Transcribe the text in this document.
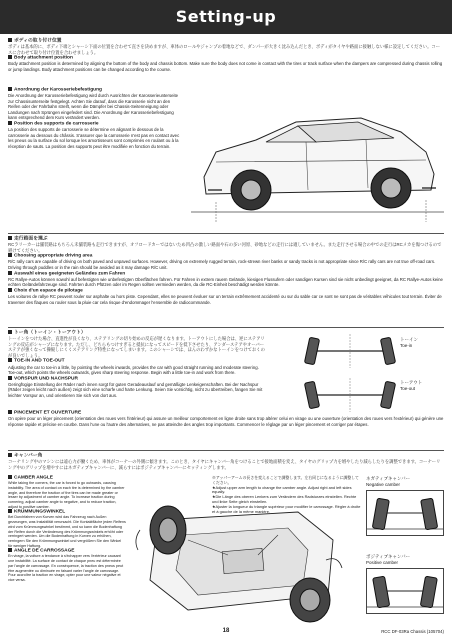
Setting-up

ボディの取り付け位置

ボディは基本的に、ボディ下端とシャーシ下面の位置を合わせて直さを決めますが、車体のロールやジャンプの着地などで、ダンパーが大きく沈み込んだとき、ボディがタイヤや路面に接触しない様に設定してください。コースに合わせて取り付け位置を合わせましょう。

Body attachment position

Body attachment position is determined by aligning the bottom of the body and chassis bottom. Make sure the body does not come in contact with the tires or track surface when the dampers are compressed during chassis rolling or jump landings. Body attachment positions can be changed according to the course.

Anordnung der Karosseriebefestigung

Die Anordnung der Karosseriebefestigung wird durch Ausrichten der Karosserieunterseite zur Chassisunterseite festgelegt. Achten Sie darauf, dass die Karosserie nicht an den Reifen oder der Fahrbahn streift, wenn die Dämpfer bei Chassis-Seitenneigung oder Landungen nach Sprüngen eingefedert sind. Die Anordnung der Karosseriebefestigung kann entsprechend dem Kurs verändert werden.

Position des supports de carrosserie

La position des supports de carrosserie se détermine en alignant le dessous de la carrosserie au dessous du châssis. S'assurer que la carrosserie n'est pas en contact avec les pneus ou la surface du sol lorsque les amortisseurs sont comprimés en roulant ou à la réception de sauts. La position des supports peut être modifiée en fonction du terrain.

走行路面を選ぶ

RCラリーカーは舗装路はもちろん未舗装路も走行できますが、オフロードカーではないため凹凸の激しい路面や石の多い河原、砂地などの走行には適していません。また走行させる場合の中での走行はRCメカを傷つけるので避けてください。

Choosing appropriate driving area

R/C rally cars are capable of driving on both paved and unpaved surfaces. However, driving on extremely rugged terrain, rock-strewn river banks or sandy tracks is not appropriate since R/C rally cars are not true off-road cars. Driving through puddles or in the rain should be avoided as it may damage R/C unit.

Auswahl eines geeigneten Geländes zum Fahren

RC Rallye-Autos können sowohl auf befestigten wie unbefestigten Oberflächen fahren. Für Fahren in extrem rauem Gelände, kiesigen Flussufern oder sandigen Kursen sind sie nicht unbedingt geeignet, da RC Rallye-Autos keine echten Geländefahrzeuge sind. Fahrten durch Pfützen oder im Regen sollten vermieden werden, da die RC-Einheit beschädigt werden könnte.

Choix d'un espace de pilotage

Les voitures de rallye RC peuvent rouler sur asphalte ou hors piste. Cependant, elles ne peuvent évoluer sur un terrain extrêmement accidenté ou sur du sable car ce sont ne sont pas de véritables véhicules tout terrain. Éviter de traverser des flaques ou rouler sous la pluie car cela risque d'endommager l'ensemble de radiocommande.

トー角（トーイン・トーアウト）

トーインをつけた場合、直進性が良くなり、ステアリングの切り始めの反応が遅くなります。トーアウトにした場合は、逆にステアリングの反応がシャープになります。ただし、どちらもつけすぎると抵抗になってスピードを低下させたり、アンダーステアやオーバーステアが強くなって操縦しにくくステアリング特性になってしまいます。このシャーシでは、ほんのわずかなトーインをつけておくのが良いでしょう。

TOE-IN AND TOE-OUT

Adjusting the car to toe-in a little, by pointing the wheels inwards, provides the car with good straight running and moderate steering. Toe-out, which points the wheels outwards, gives sharp steering response. Begin with a little toe-in and work from there.

VORSPUR UND NACHSPUR

Geringfügige Einstellung der Räder nach innen sorgt für guten Geradeauslauf und gemäßigte Lenkeigenschaften. Bei der Nachspur (Räder zeigen leicht nach außen) zeigt sich eine scharfe und harte Lenkung. Seien Sie vorsichtig, nicht zu übertreiben, fangen Sie mit leichter Vorspur an, und orientieren Sie sich von dort aus.

PINCEMENT ET OUVERTURE

On opère pour un léger pincement (orientation des roues vers l'intérieur) qui assure un meilleur comportement en ligne droite sans trop altérer celui en virage ou une ouverture (orientation des roues vers l'extérieur) qui génère une réponse rapide et précise en courbe. Dans l'une ou l'autre des alternatives, ne pas atteindre des angles trop importants. Commencer le réglage par un léger pincement et corriger par étapes.

トーイン
Toe-in
トーアウト
Toe-out

キャンバー角

コーナリング中のマシンには遠心力が働くため、車体がコーナーの外側に傾きます。このとき、タイヤにキャンバー角をつけることで接地面積を変え、タイヤのグリップ力を増やしたり減らしたりを調整できます。コーナーリング中のグリップを増やすにはネガティブキャンバーに、減らすにはポジティブキャンバーにセッティングします。

CAMBER ANGLE

While taking the corners, the car is forced to go outwards, causing instability. The area of contact on each tire is determined by the camber angle, and therefore the traction of the tires can be made greater or lesser by adjustment of camber angle. To increase traction during cornering, adjust camber angle to negative, and to reduce traction, adjust to positive camber.

KRÜMMUNGSWINKEL

Bei Durchfahren von Kurven wird das Fahrzeug nach Außen gezwungen, was Instabilität verursacht. Die Kontaktfläche jeden Reifens wird vom Krümmungswinkel bestimmt, und so kann die Bodenhaftung der Reifen durch die Veränderung des Krümmungswinkels erhöht oder verringert werden. Um die Bodenhaftung in Kurven zu erhöhen, verringern Sie den Krümmungswinkel und vergrößern Sie den Winkel für weniger Haftung.

ANGLE DE CARROSSAGE

En virage, la voiture a tendance à s'échapper vers l'extérieur causant une instabilité. La surface de contact de chaque pneu est déterminée par l'angle de carrossage. En conséquence, la traction des pneus peut être augmentée ou diminuée en faisant varier l'angle de carrossage. Pour accroître la traction en virage, opter pour une valeur négative et vice versa.

※アッパーアームの長さを変えることで調整します。左右同じになるように調整してください。
★Adjust upper arm length to change the camber angle. Adjust right and left sides equally.
★Die Länge des oberen Lenkers zum Verändern des Radsturzes einstellen. Rechte und linke Seite gleich einstellen.
★Ajuster la longueur du triangle supérieur pour modifier le carrossage. Régler à droite et à gauche de la même manière.
ネガティブキャンバー
Negative camber
ポジティブキャンバー
Positive camber
18	RCC DF-03Ra Chassis (105704)
